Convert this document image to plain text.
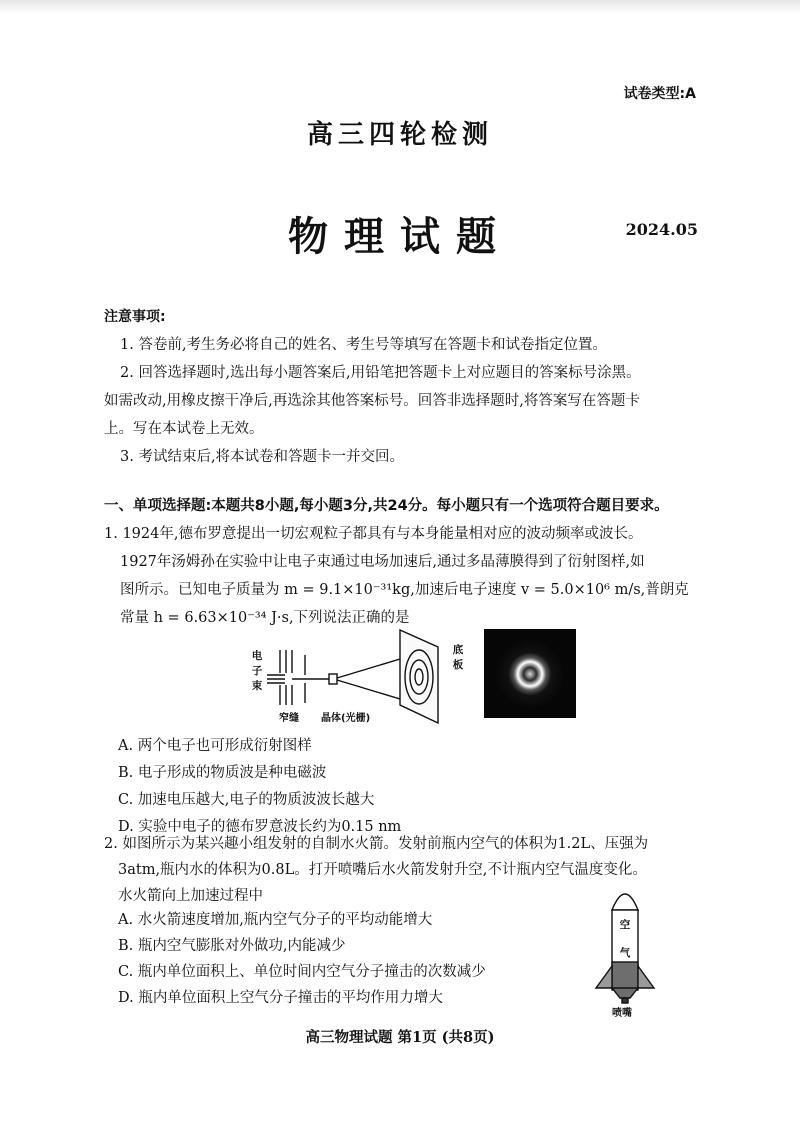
试卷类型:A
高三四轮检测
物理试题	2024.05
注意事项:
1. 答卷前,考生务必将自己的姓名、考生号等填写在答题卡和试卷指定位置。
2. 回答选择题时,选出每小题答案后,用铅笔把答题卡上对应题目的答案标号涂黑。
如需改动,用橡皮擦干净后,再选涂其他答案标号。回答非选择题时,将答案写在答题卡
上。写在本试卷上无效。
3. 考试结束后,将本试卷和答题卡一并交回。
一、单项选择题:本题共8小题,每小题3分,共24分。每小题只有一个选项符合题目要求。
1. 1924年,德布罗意提出一切宏观粒子都具有与本身能量相对应的波动频率或波长。
1927年汤姆孙在实验中让电子束通过电场加速后,通过多晶薄膜得到了衍射图样,如
图所示。已知电子质量为 m = 9.1×10⁻³¹kg,加速后电子速度 v = 5.0×10⁶ m/s,普朗克
常量 h = 6.63×10⁻³⁴ J·s,下列说法正确的是
电子束
底板
窄缝 晶体(光栅)
A. 两个电子也可形成衍射图样
B. 电子形成的物质波是种电磁波
C. 加速电压越大,电子的物质波波长越大
D. 实验中电子的德布罗意波长约为0.15 nm
2. 如图所示为某兴趣小组发射的自制水火箭。发射前瓶内空气的体积为1.2L、压强为
3atm,瓶内水的体积为0.8L。打开喷嘴后水火箭发射升空,不计瓶内空气温度变化。
水火箭向上加速过程中
A. 水火箭速度增加,瓶内空气分子的平均动能增大
B. 瓶内空气膨胀对外做功,内能减少
C. 瓶内单位面积上、单位时间内空气分子撞击的次数减少
D. 瓶内单位面积上空气分子撞击的平均作用力增大
空气
喷嘴
高三物理试题 第1页 (共8页)
